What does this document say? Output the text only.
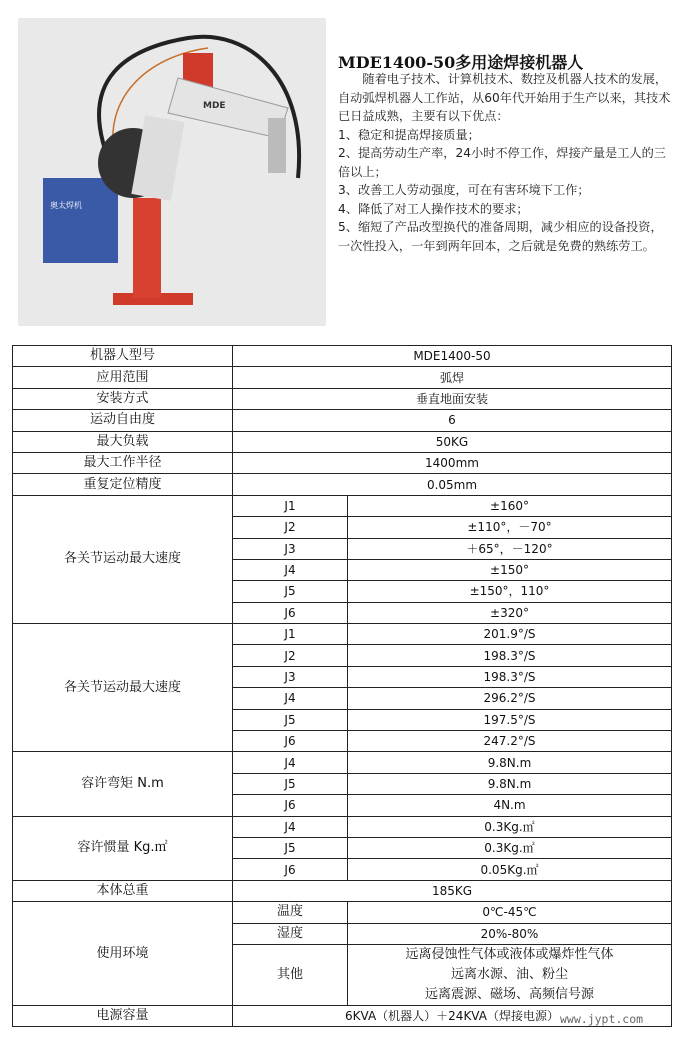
奥太焊机
MDE
MDE1400-50多用途焊接机器人

随着电子技术、计算机技术、数控及机器人技术的发展，自动弧焊机器人工作站，从60年代开始用于生产以来，其技术已日益成熟，主要有以下优点：

1、稳定和提高焊接质量；

2、提高劳动生产率，24小时不停工作，焊接产量是工人的三倍以上；

3、改善工人劳动强度，可在有害环境下工作；

4、降低了对工人操作技术的要求；

5、缩短了产品改型换代的准备周期，减少相应的设备投资，一次性投入，一年到两年回本，之后就是免费的熟练劳工。

机器人型号	MDE1400-50	
应用范围	弧焊	
安装方式	垂直地面安装	
运动自由度	6	
最大负载	50KG	
最大工作半径	1400mm	
重复定位精度	0.05mm	
各关节运动最大速度	J1	±160°
	J2	±110°，－70°
	J3	＋65°，－120°
	J4	±150°
	J5	±150°，110°
	J6	±320°
各关节运动最大速度	J1	201.9°/S
	J2	198.3°/S
	J3	198.3°/S
	J4	296.2°/S
	J5	197.5°/S
	J6	247.2°/S
容许弯矩 N.m	J4	9.8N.m
	J5	9.8N.m
	J6	4N.m
容许惯量 Kg.㎡	J4	0.3Kg.㎡
	J5	0.3Kg.㎡
	J6	0.05Kg.㎡
本体总重	185KG	
使用环境	温度	0℃-45℃
	湿度	20%-80%
	其他	远离侵蚀性气体或液体或爆炸性气体
远离水源、油、粉尘
远离震源、磁场、高频信号源

电源容量	6KVA（机器人）＋24KVA（焊接电源）	www.jypt.com
